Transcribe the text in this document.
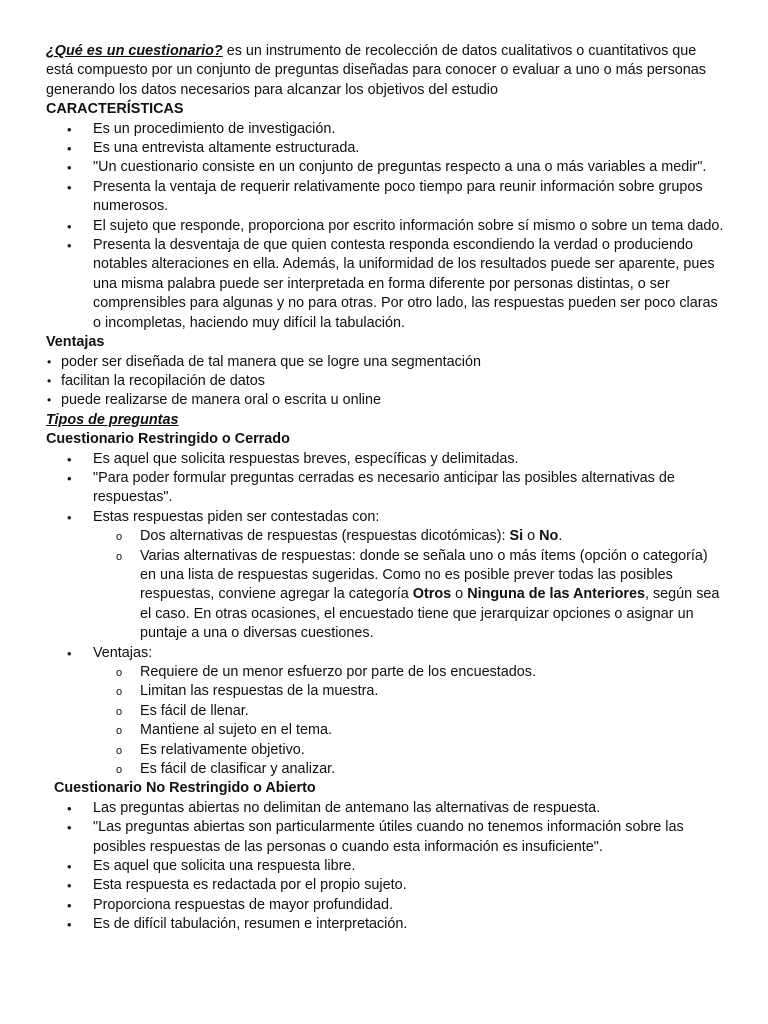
¿Qué es un cuestionario? es un instrumento de recolección de datos cualitativos o cuantitativos que está compuesto por un conjunto de preguntas diseñadas para conocer o evaluar a uno o más personas generando los datos necesarios para alcanzar los objetivos del estudio

CARACTERÍSTICAS

• Es un procedimiento de investigación.
• Es una entrevista altamente estructurada.
• "Un cuestionario consiste en un conjunto de preguntas respecto a una o más variables a medir".
• Presenta la ventaja de requerir relativamente poco tiempo para reunir información sobre grupos numerosos.
• El sujeto que responde, proporciona por escrito información sobre sí mismo o sobre un tema dado.
• Presenta la desventaja de que quien contesta responda escondiendo la verdad o produciendo notables alteraciones en ella. Además, la uniformidad de los resultados puede ser aparente, pues una misma palabra puede ser interpretada en forma diferente por personas distintas, o ser comprensibles para algunas y no para otras. Por otro lado, las respuestas pueden ser poco claras o incompletas, haciendo muy difícil la tabulación.

Ventajas

• poder ser diseñada de tal manera que se logre una segmentación
• facilitan la recopilación de datos
• puede realizarse de manera oral o escrita u online

Tipos de preguntas

Cuestionario Restringido o Cerrado

• Es aquel que solicita respuestas breves, específicas y delimitadas.
• "Para poder formular preguntas cerradas es necesario anticipar las posibles alternativas de respuestas".
• Estas respuestas piden ser contestadas con:
o Dos alternativas de respuestas (respuestas dicotómicas): Si o No.
o Varias alternativas de respuestas: donde se señala uno o más ítems (opción o categoría) en una lista de respuestas sugeridas. Como no es posible prever todas las posibles respuestas, conviene agregar la categoría Otros o Ninguna de las Anteriores, según sea el caso. En otras ocasiones, el encuestado tiene que jerarquizar opciones o asignar un puntaje a una o diversas cuestiones.
• Ventajas:
o Requiere de un menor esfuerzo por parte de los encuestados.
o Limitan las respuestas de la muestra.
o Es fácil de llenar.
o Mantiene al sujeto en el tema.
o Es relativamente objetivo.
o Es fácil de clasificar y analizar.

Cuestionario No Restringido o Abierto

• Las preguntas abiertas no delimitan de antemano las alternativas de respuesta.
• "Las preguntas abiertas son particularmente útiles cuando no tenemos información sobre las posibles respuestas de las personas o cuando esta información es insuficiente".
• Es aquel que solicita una respuesta libre.
• Esta respuesta es redactada por el propio sujeto.
• Proporciona respuestas de mayor profundidad.
• Es de difícil tabulación, resumen e interpretación.
